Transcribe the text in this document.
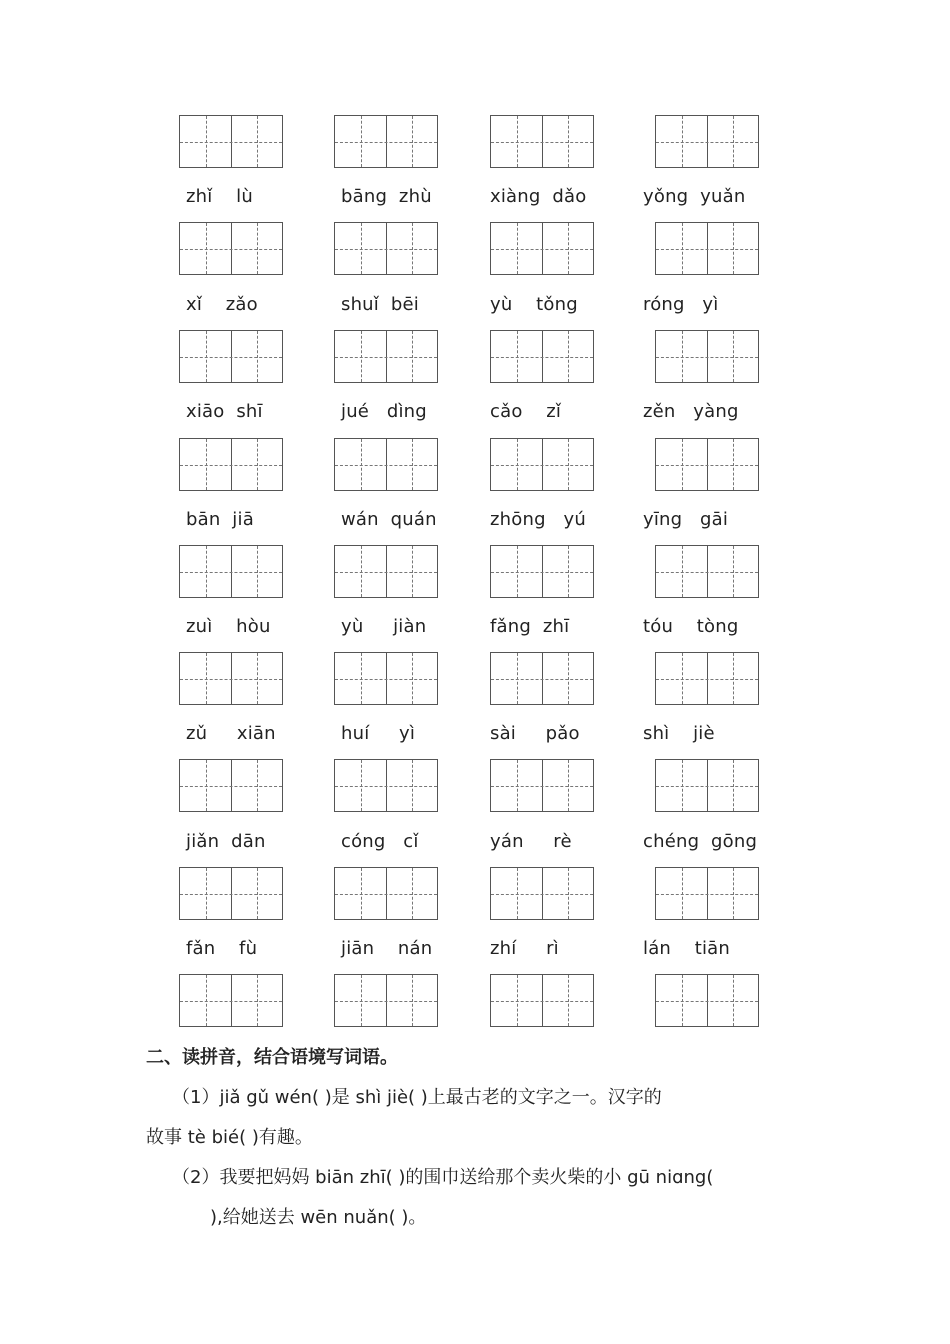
zhǐ    lù	bāng  zhù	xiàng  dǎo	yǒng  yuǎn
xǐ    zǎo	shuǐ  bēi	yù    tǒng	róng   yì
xiāo  shī	jué   dìng	cǎo    zǐ	zěn   yàng
bān  jiā	wán  quán	zhōng   yú	yīng   gāi
zuì    hòu	yù     jiàn	fǎng  zhī	tóu    tòng
zǔ     xiān	huí     yì	sài     pǎo	shì    jiè
jiǎn  dān	cóng   cǐ	yán     rè	chéng  gōng
fǎn    fù	jiān    nán	zhí     rì	lán    tiān
二、读拼音，结合语境写词语。
（1）jiǎ gǔ wén( )是 shì jiè( )上最古老的文字之一。汉字的
故事 tè bié( )有趣。
（2）我要把妈妈 biān zhī( )的围巾送给那个卖火柴的小 gū niɑng(
),给她送去 wēn nuǎn( )。
